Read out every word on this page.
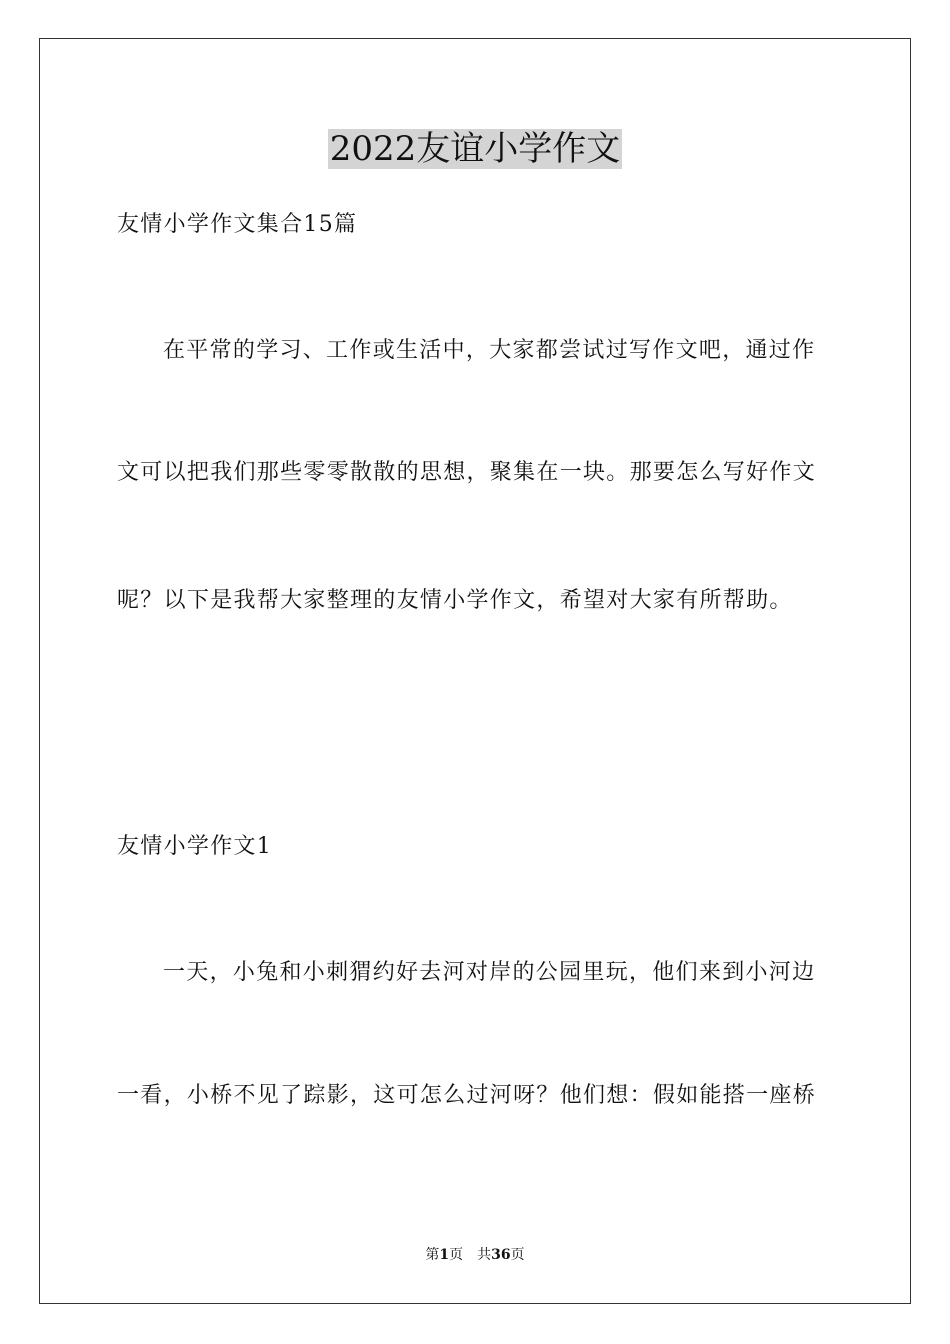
2022友谊小学作文
友情小学作文集合15篇
在平常的学习、工作或生活中，大家都尝试过写作文吧，通过作
文可以把我们那些零零散散的思想，聚集在一块。那要怎么写好作文
呢？以下是我帮大家整理的友情小学作文，希望对大家有所帮助。
友情小学作文1
一天，小兔和小刺猬约好去河对岸的公园里玩，他们来到小河边
一看，小桥不见了踪影，这可怎么过河呀？他们想：假如能搭一座桥
第1页 共36页
